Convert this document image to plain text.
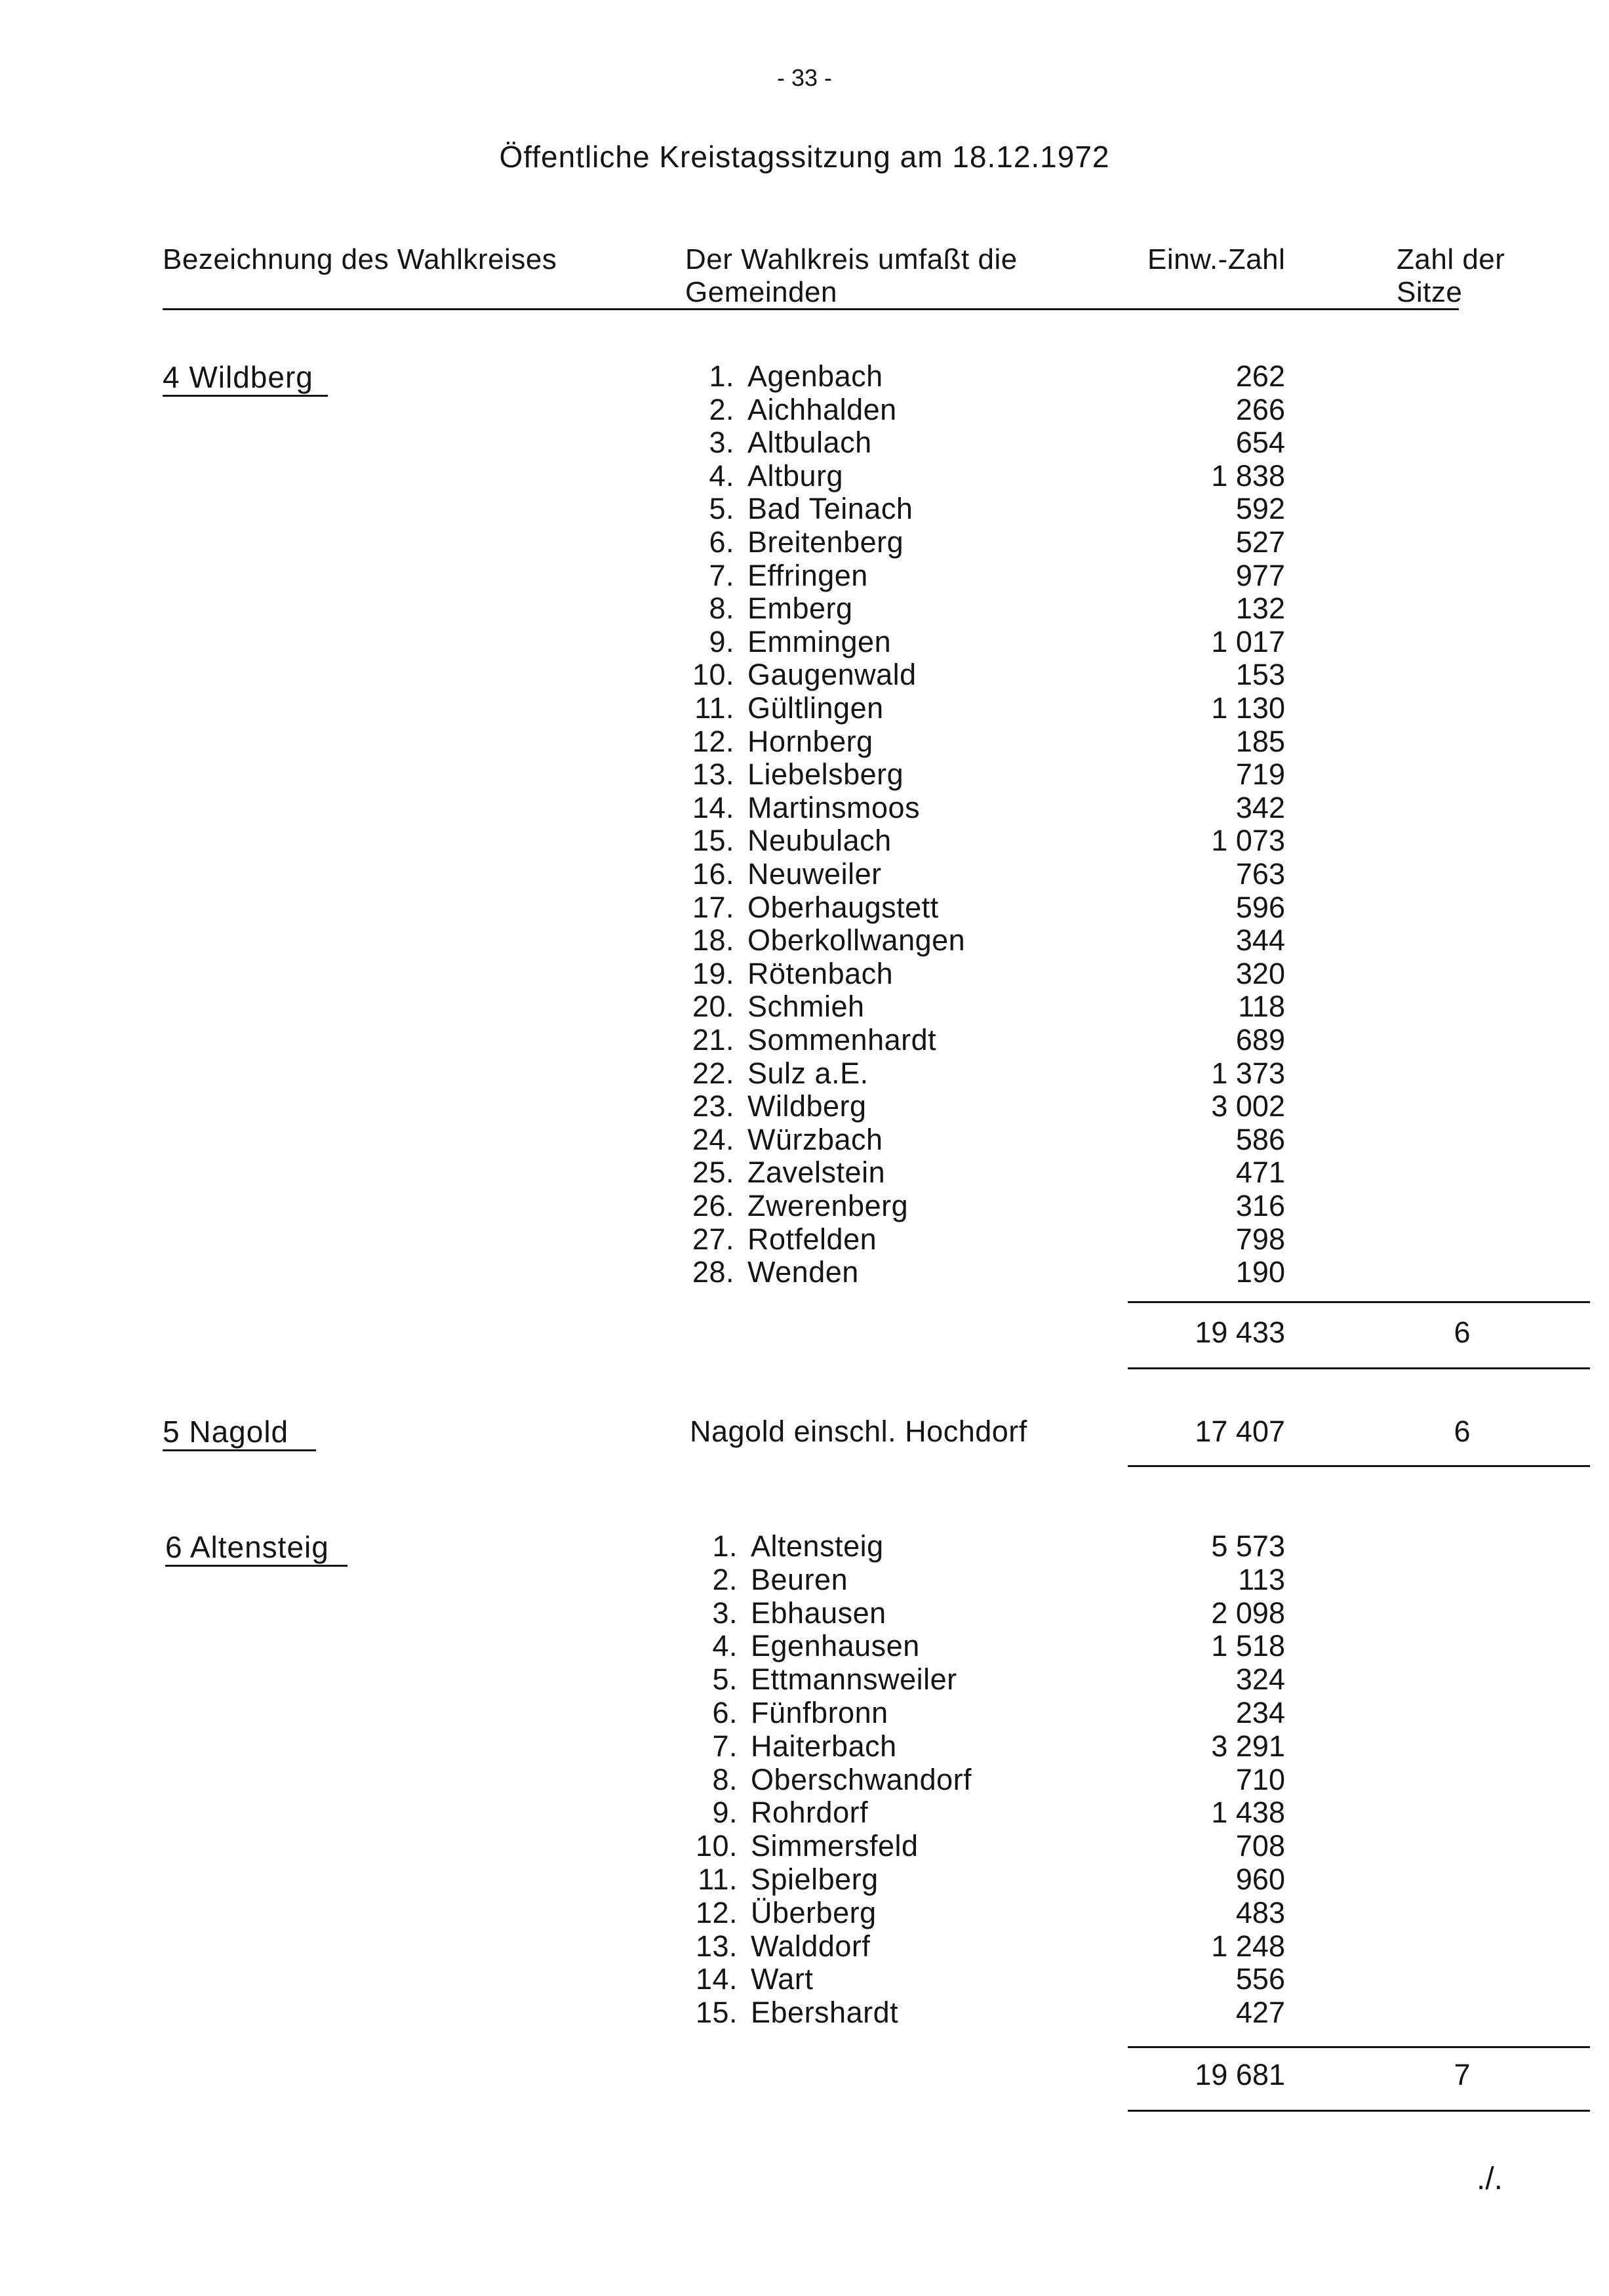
- 33 -
Öffentliche Kreistagssitzung am 18.12.1972
Bezeichnung des Wahlkreises	Der Wahlkreis umfaßt die
Gemeinden
Einw.-Zahl	Zahl der
Sitze
4 Wildberg	1. Agenbach	262
2. Aichhalden	266
3. Altbulach	654
4. Altburg	1 838
5. Bad Teinach	592
6. Breitenberg	527
7. Effringen	977
8. Emberg	132
9. Emmingen	1 017
10. Gaugenwald	153
11. Gültlingen	1 130
12. Hornberg	185
13. Liebelsberg	719
14. Martinsmoos	342
15. Neubulach	1 073
16. Neuweiler	763
17. Oberhaugstett	596
18. Oberkollwangen	344
19. Rötenbach	320
20. Schmieh	118
21. Sommenhardt	689
22. Sulz a.E.	1 373
23. Wildberg	3 002
24. Würzbach	586
25. Zavelstein	471
26. Zwerenberg	316
27. Rotfelden	798
28. Wenden	190
19 433	6
5 Nagold	Nagold einschl. Hochdorf	17 407	6
6 Altensteig	1. Altensteig	5 573
2. Beuren	113
3. Ebhausen	2 098
4. Egenhausen	1 518
5. Ettmannsweiler	324
6. Fünfbronn	234
7. Haiterbach	3 291
8. Oberschwandorf	710
9. Rohrdorf	1 438
10. Simmersfeld	708
11. Spielberg	960
12. Überberg	483
13. Walddorf	1 248
14. Wart	556
15. Ebershardt	427
19 681	7
./.
